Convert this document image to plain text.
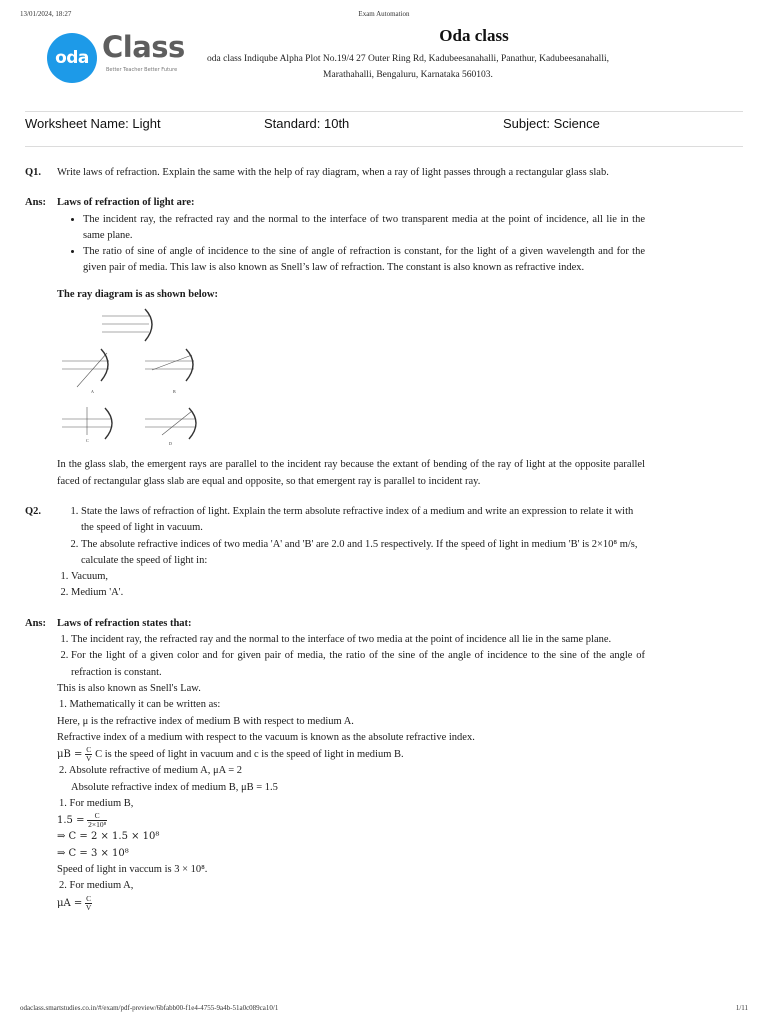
13/01/2024, 18:27	Exam Automation
oda Class
Better Teacher Better Future
Oda class
oda class Indiqube Alpha Plot No.19/4 27 Outer Ring Rd, Kadubeesanahalli, Panathur, Kadubeesanahalli, Marathahalli, Bengaluru, Karnataka 560103.
Worksheet Name: Light	Standard: 10th	Subject: Science
Q1.	Write laws of refraction. Explain the same with the help of ray diagram, when a ray of light passes through a rectangular glass slab.
Ans:	Laws of refraction of light are:
• The incident ray, the refracted ray and the normal to the interface of two transparent media at the point of incidence, all lie in the same plane.
• The ratio of sine of angle of incidence to the sine of angle of refraction is constant, for the light of a given wavelength and for the given pair of media. This law is also known as Snell’s law of refraction. The constant is also known as refractive index.
The ray diagram is as shown below:
A	B
C
D
In the glass slab, the emergent rays are parallel to the incident ray because the extant of bending of the ray of light at the opposite parallel faced of rectangular glass slab are equal and opposite, so that emergent ray is parallel to incident ray.
Q2.
1.	State the laws of refraction of light. Explain the term absolute refractive index of a medium and write an expression to relate it with the speed of light in vacuum.
2. The absolute refractive indices of two media 'A' and 'B' are 2.0 and 1.5 respectively. If the speed of light in medium 'B' is 2×10⁸ m/s, calculate the speed of light in:
1. Vacuum,
2. Medium 'A'.
Ans:	Laws of refraction states that:
1. The incident ray, the refracted ray and the normal to the interface of two media at the point of incidence all lie in the same plane.
2. For the light of a given color and for given pair of media, the ratio of the sine of the angle of incidence to the sine of the angle of refraction is constant.
This is also known as Snell's Law.
1. Mathematically it can be written as:
Here, μ is the refractive index of medium B with respect to medium A.
Refractive index of a medium with respect to the vacuum is known as the absolute refractive index.
$\mu B = \frac{C}{V}$ C is the speed of light in vacuum and c is the speed of light in medium B.
2. Absolute refractive of medium A, μA = 2
Absolute refractive index of medium B, μB = 1.5
1. For medium B,
$1.5 = \frac{C}{\text{2×10⁸}}$
⇒ C = 2 × 1.5 × 10⁸
⇒ C = 3 × 10⁸
Speed of light in vaccum is 3 × 10⁸.
2. For medium A,
$\mu A = \frac{C}{V}$
odaclass.smartstudies.co.in/#/exam/pdf-preview/6bfabb00-f1e4-4755-9a4b-51a0c089ca10/1	1/11
